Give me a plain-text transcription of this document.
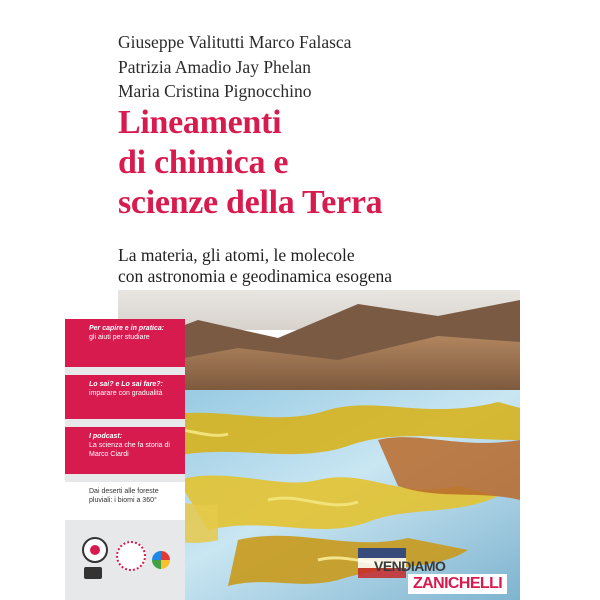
Giuseppe Valitutti Marco Falasca
Patrizia Amadio Jay Phelan
Maria Cristina Pignocchino
Lineamenti
di chimica e
scienze della Terra
La materia, gli atomi, le molecole
con astronomia e geodinamica esogena
Per capire e in pratica:
gli aiuti per studiare
Lo sai? e Lo sai fare?:
imparare con gradualità
I podcast:
La scienza che fa storia di Marco Ciardi
Dai deserti alle foreste pluviali: i biomi a 360°
VENDIAMO
ZANICHELLI
